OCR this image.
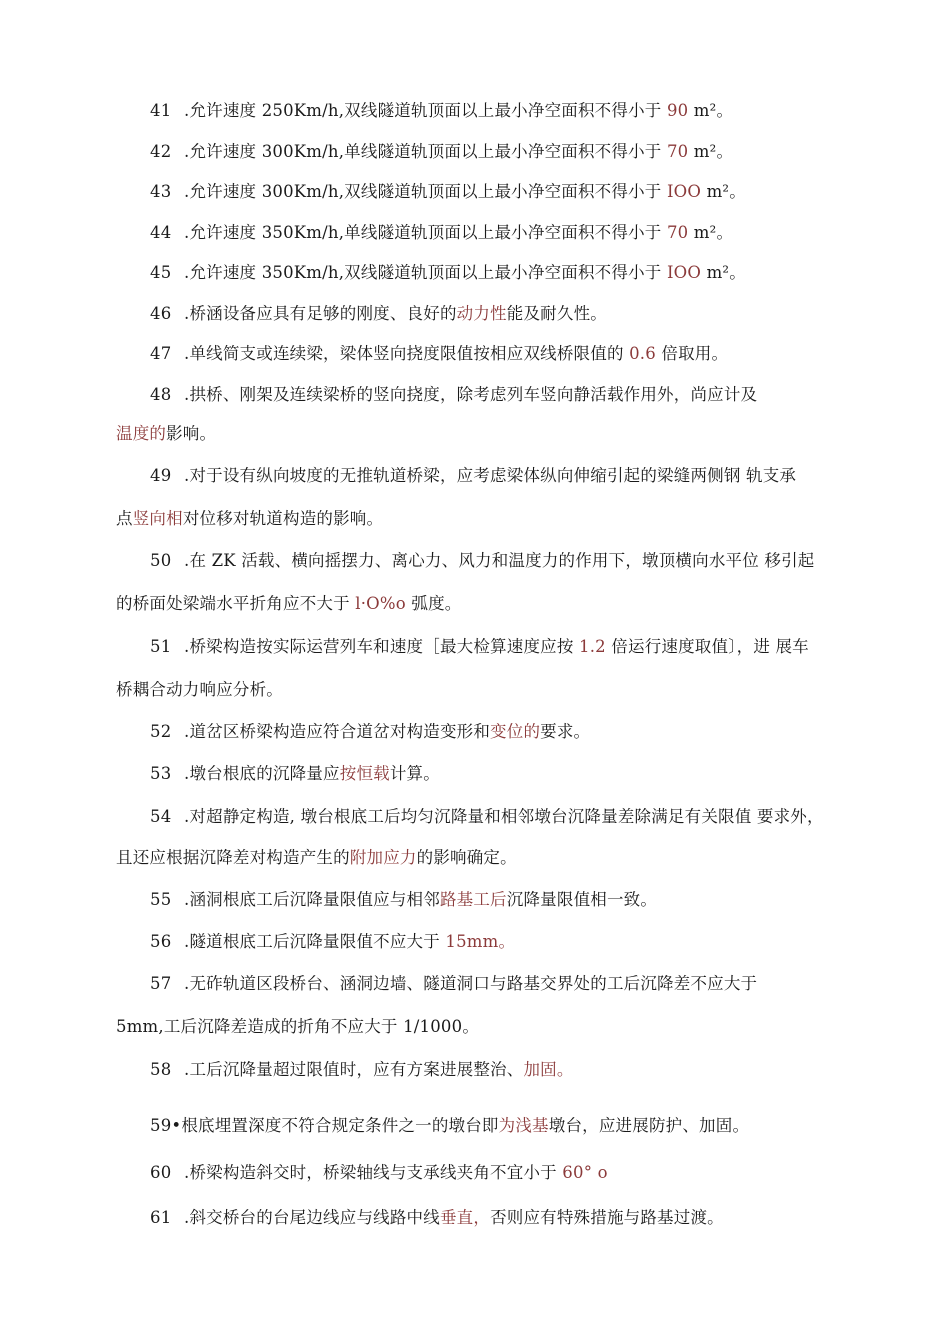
41 .允许速度 250Km/h,双线隧道轨顶面以上最小净空面积不得小于 90 m²。
42 .允许速度 300Km/h,单线隧道轨顶面以上最小净空面积不得小于 70 m²。
43 .允许速度 300Km/h,双线隧道轨顶面以上最小净空面积不得小于 IOO m²。
44 .允许速度 350Km/h,单线隧道轨顶面以上最小净空面积不得小于 70 m²。
45 .允许速度 350Km/h,双线隧道轨顶面以上最小净空面积不得小于 IOO m²。
46 .桥涵设备应具有足够的刚度、良好的动力性能及耐久性。
47 .单线简支或连续梁，梁体竖向挠度限值按相应双线桥限值的 0.6 倍取用。
48 .拱桥、刚架及连续梁桥的竖向挠度，除考虑列车竖向静活载作用外，尚应计及
温度的影响。
49 .对于设有纵向坡度的无推轨道桥梁，应考虑梁体纵向伸缩引起的梁缝两侧钢 轨支承
点竖向相对位移对轨道构造的影响。
50 .在 ZK 活载、横向摇摆力、离心力、风力和温度力的作用下，墩顶横向水平位 移引起
的桥面处梁端水平折角应不大于 l·O%o 弧度。
51 .桥梁构造按实际运营列车和速度［最大检算速度应按 1.2 倍运行速度取值〕，进 展车
桥耦合动力响应分析。
52 .道岔区桥梁构造应符合道岔对构造变形和变位的要求。
53 .墩台根底的沉降量应按恒载计算。
54 .对超静定构造, 墩台根底工后均匀沉降量和相邻墩台沉降量差除满足有关限值 要求外，
且还应根据沉降差对构造产生的附加应力的影响确定。
55 .涵洞根底工后沉降量限值应与相邻路基工后沉降量限值相一致。
56 .隧道根底工后沉降量限值不应大于 15mm。
57 .无砟轨道区段桥台、涵洞边墙、隧道洞口与路基交界处的工后沉降差不应大于
5mm,工后沉降差造成的折角不应大于 1/1000。
58 .工后沉降量超过限值时，应有方案进展整治、加固。
59•根底埋置深度不符合规定条件之一的墩台即为浅基墩台，应进展防护、加固。
60 .桥梁构造斜交时，桥梁轴线与支承线夹角不宜小于 60° o
61 .斜交桥台的台尾边线应与线路中线垂直，否则应有特殊措施与路基过渡。
